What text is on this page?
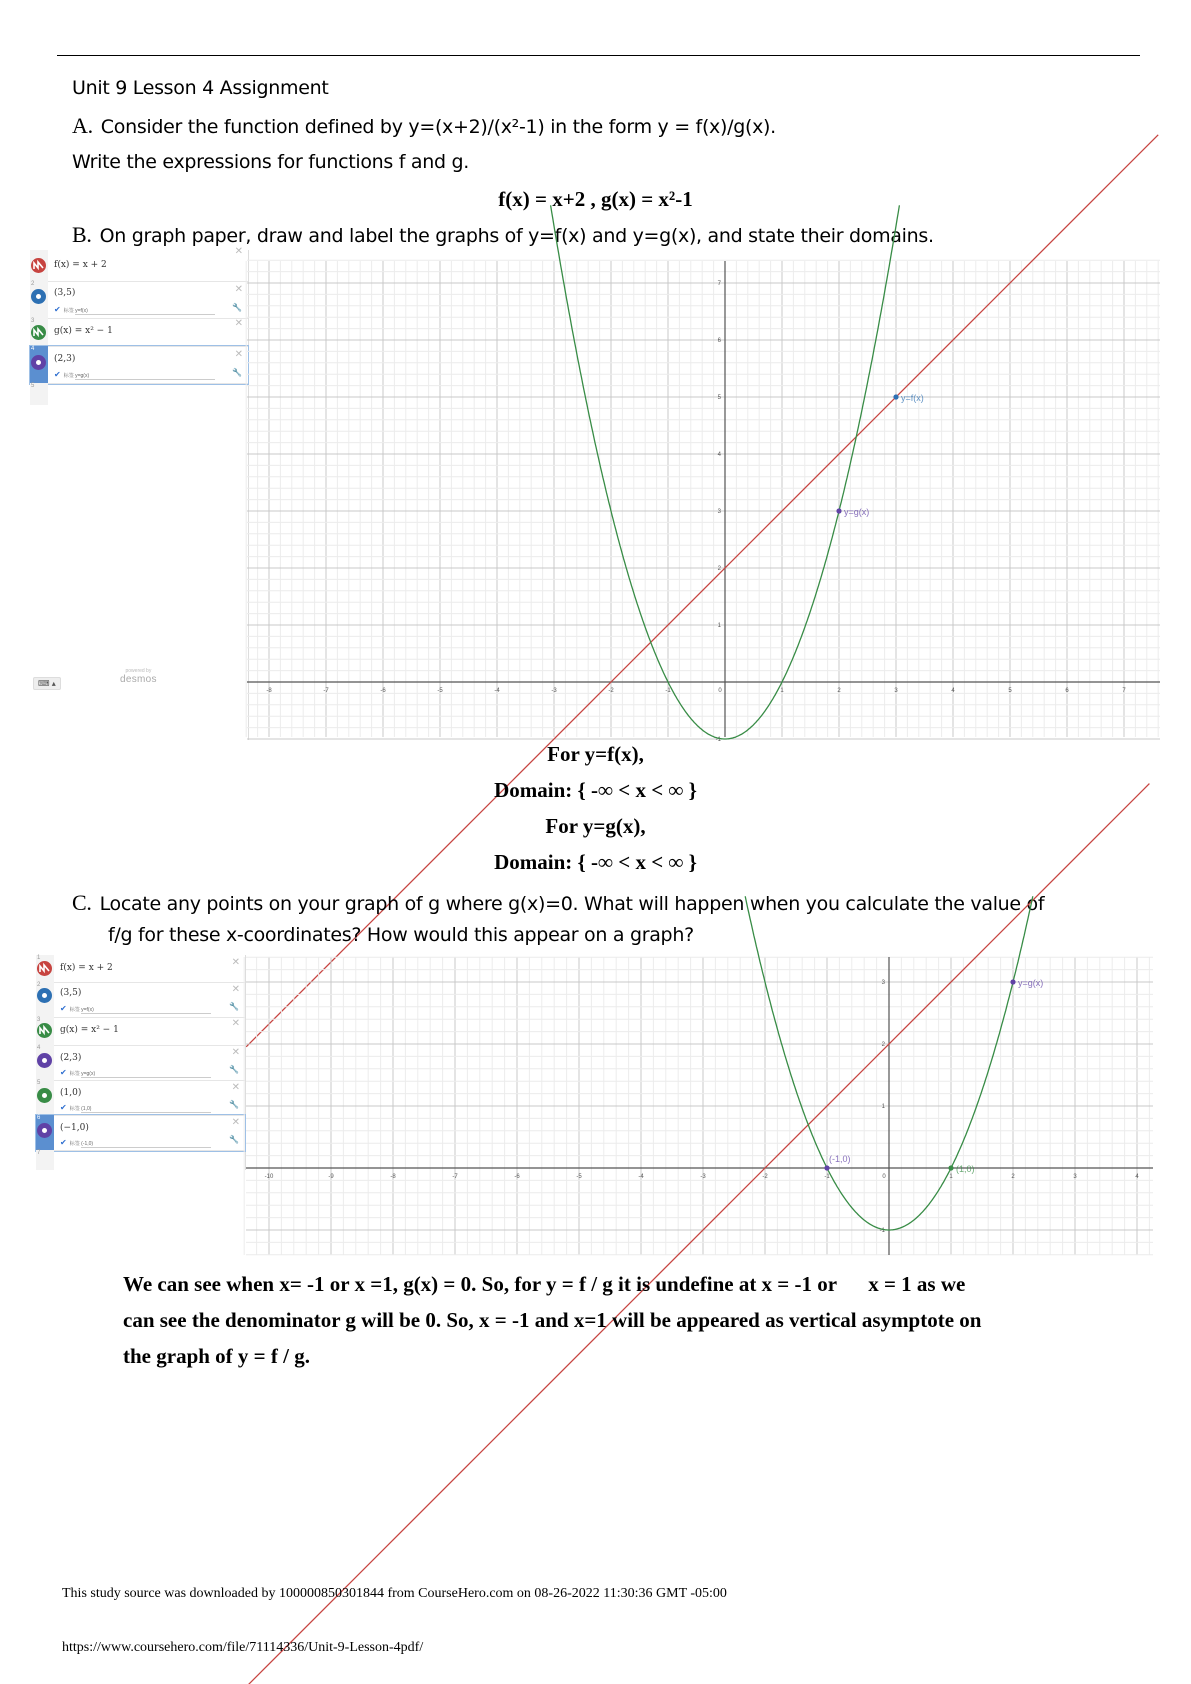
Unit 9 Lesson 4 Assignment
A. Consider the function defined by y=(x+2)/(x²-1) in the form y = f(x)/g(x).
Write the expressions for functions f and g.
f(x) = x+2 , g(x) = x²-1
B. On graph paper, draw and label the graphs of y=f(x) and y=g(x), and state their domains.
f(x) = x + 2
✕
2
(3,5)
✔ 标签 y=f(x)
✕
🔧
3
g(x) = x² − 1
✕
4
(2,3)
✔ 标签 y=g(x)
✕
🔧
5
⌨ ▴
powered by
desmos
-8	-7	-6	-5	-4	-3	-2	-1	0	1	2	3	4	5	6	7
-1
1
2
3
4
5
6
7
y=f(x)
y=g(x)
For y=f(x),
Domain: { -∞ < x < ∞ }
For y=g(x),
Domain: { -∞ < x < ∞ }
C. Locate any points on your graph of g where g(x)=0. What will happen when you calculate the value of
f/g for these x-coordinates? How would this appear on a graph?
1
f(x) = x + 2	✕
2
(3,5)
✔ 标签 y=f(x)
✕
🔧
3
g(x) = x² − 1
✕
4
(2,3)
✔ 标签 y=g(x)
✕
🔧
5
(1,0)
✔ 标签 (1,0)
✕
🔧
6
(−1,0)
✔ 标签 (-1,0)
✕
🔧
7
-10	-9	-8	-7	-6	-5	-4	-3	-2	-1	0	1	2	3	4
-1
1
2
3	y=g(x)
(-1,0)
(1,0)
We can see when x= -1 or x =1, g(x) = 0. So, for y = f / g it is undefine at x = -1 or      x = 1 as we
can see the denominator g will be 0. So, x = -1 and x=1 will be appeared as vertical asymptote on
the graph of y = f / g.
This study source was downloaded by 100000850301844 from CourseHero.com on 08-26-2022 11:30:36 GMT -05:00
https://www.coursehero.com/file/71114336/Unit-9-Lesson-4pdf/
